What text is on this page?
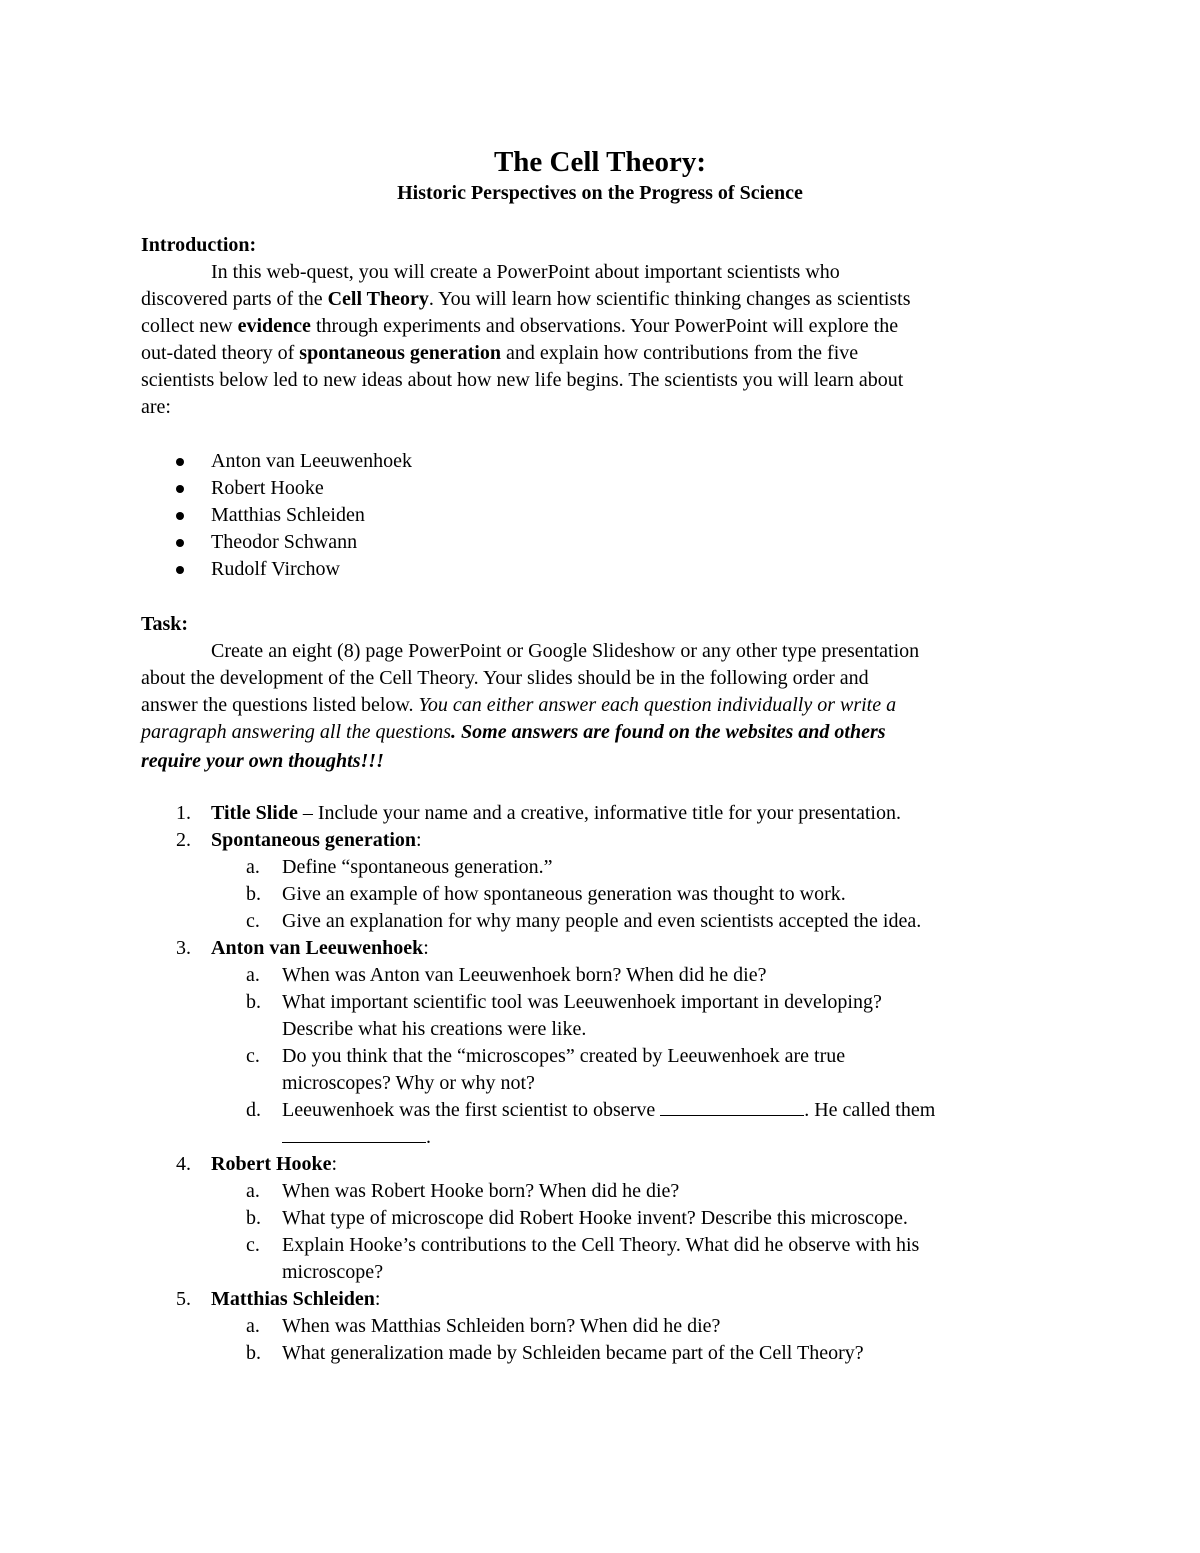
The Cell Theory:
Historic Perspectives on the Progress of Science
Introduction:
In this web-quest, you will create a PowerPoint about important scientists who
discovered parts of the Cell Theory. You will learn how scientific thinking changes as scientists
collect new evidence through experiments and observations. Your PowerPoint will explore the
out-dated theory of spontaneous generation and explain how contributions from the five
scientists below led to new ideas about how new life begins. The scientists you will learn about
are:
Anton van Leeuwenhoek
Robert Hooke
Matthias Schleiden
Theodor Schwann
Rudolf Virchow
Task:
Create an eight (8) page PowerPoint or Google Slideshow or any other type presentation
about the development of the Cell Theory. Your slides should be in the following order and
answer the questions listed below. You can either answer each question individually or write a
paragraph answering all the questions. Some answers are found on the websites and others
require your own thoughts!!!
1. Title Slide – Include your name and a creative, informative title for your presentation.
2. Spontaneous generation:
a. Define “spontaneous generation.”
b. Give an example of how spontaneous generation was thought to work.
c. Give an explanation for why many people and even scientists accepted the idea.
3. Anton van Leeuwenhoek:
a. When was Anton van Leeuwenhoek born? When did he die?
b. What important scientific tool was Leeuwenhoek important in developing?
Describe what his creations were like.
c. Do you think that the “microscopes” created by Leeuwenhoek are true
microscopes? Why or why not?
d. Leeuwenhoek was the first scientist to observe	. He called them
.
4. Robert Hooke:
a. When was Robert Hooke born? When did he die?
b. What type of microscope did Robert Hooke invent? Describe this microscope.
c. Explain Hooke’s contributions to the Cell Theory. What did he observe with his
microscope?
5. Matthias Schleiden:
a. When was Matthias Schleiden born? When did he die?
b. What generalization made by Schleiden became part of the Cell Theory?
